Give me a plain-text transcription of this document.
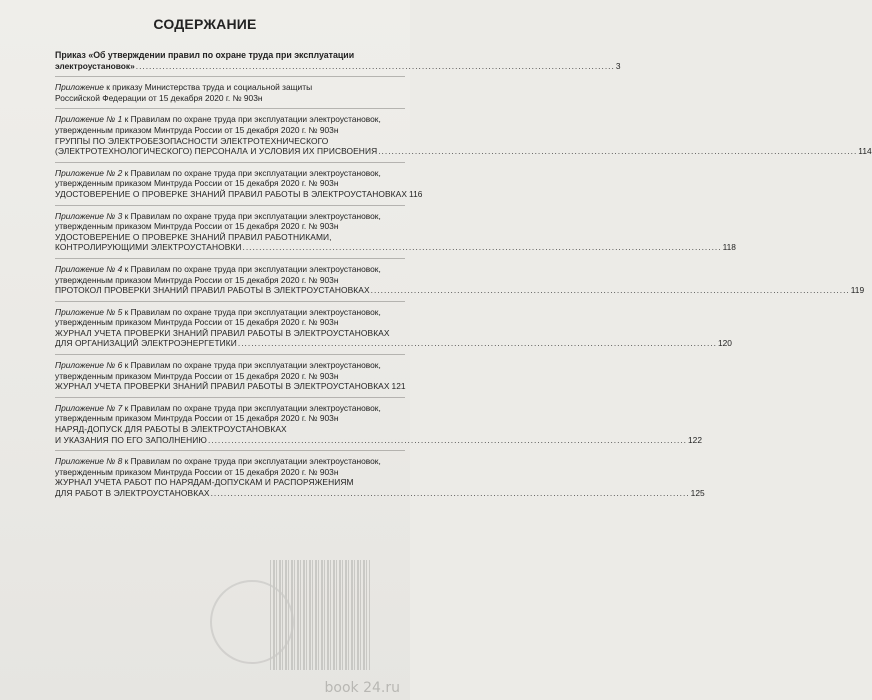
СОДЕРЖАНИЕ
Приказ «Об утверждении правил по охране труда при эксплуатации
электроустановок» .....	3
Приложение к приказу Министерства труда и социальной защиты
Российской Федерации от 15 декабря 2020 г. № 903н
Приложение № 1 к Правилам по охране труда при эксплуатации электроустановок,
утвержденным приказом Минтруда России от 15 декабря 2020 г. № 903н
ГРУППЫ ПО ЭЛЕКТРОБЕЗОПАСНОСТИ ЭЛЕКТРОТЕХНИЧЕСКОГО
(ЭЛЕКТРОТЕХНОЛОГИЧЕСКОГО) ПЕРСОНАЛА И УСЛОВИЯ ИХ ПРИСВОЕНИЯ .....	114
Приложение № 2 к Правилам по охране труда при эксплуатации электроустановок,
утвержденным приказом Минтруда России от 15 декабря 2020 г. № 903н
УДОСТОВЕРЕНИЕ О ПРОВЕРКЕ ЗНАНИЙ ПРАВИЛ РАБОТЫ В ЭЛЕКТРОУСТАНОВКАХ 116
Приложение № 3 к Правилам по охране труда при эксплуатации электроустановок,
утвержденным приказом Минтруда России от 15 декабря 2020 г. № 903н
УДОСТОВЕРЕНИЕ О ПРОВЕРКЕ ЗНАНИЙ ПРАВИЛ РАБОТНИКАМИ,
КОНТРОЛИРУЮЩИМИ ЭЛЕКТРОУСТАНОВКИ .....	118
Приложение № 4 к Правилам по охране труда при эксплуатации электроустановок,
утвержденным приказом Минтруда России от 15 декабря 2020 г. № 903н
ПРОТОКОЛ ПРОВЕРКИ ЗНАНИЙ ПРАВИЛ РАБОТЫ В ЭЛЕКТРОУСТАНОВКАХ .....	119
Приложение № 5 к Правилам по охране труда при эксплуатации электроустановок,
утвержденным приказом Минтруда России от 15 декабря 2020 г. № 903н
ЖУРНАЛ УЧЕТА ПРОВЕРКИ ЗНАНИЙ ПРАВИЛ РАБОТЫ В ЭЛЕКТРОУСТАНОВКАХ
ДЛЯ ОРГАНИЗАЦИЙ ЭЛЕКТРОЭНЕРГЕТИКИ .....	120
Приложение № 6 к Правилам по охране труда при эксплуатации электроустановок,
утвержденным приказом Минтруда России от 15 декабря 2020 г. № 903н
ЖУРНАЛ УЧЕТА ПРОВЕРКИ ЗНАНИЙ ПРАВИЛ РАБОТЫ В ЭЛЕКТРОУСТАНОВКАХ 121
Приложение № 7 к Правилам по охране труда при эксплуатации электроустановок,
утвержденным приказом Минтруда России от 15 декабря 2020 г. № 903н
НАРЯД-ДОПУСК ДЛЯ РАБОТЫ В ЭЛЕКТРОУСТАНОВКАХ
И УКАЗАНИЯ ПО ЕГО ЗАПОЛНЕНИЮ .....	122
Приложение № 8 к Правилам по охране труда при эксплуатации электроустановок,
утвержденным приказом Минтруда России от 15 декабря 2020 г. № 903н
ЖУРНАЛ УЧЕТА РАБОТ ПО НАРЯДАМ-ДОПУСКАМ И РАСПОРЯЖЕНИЯМ
ДЛЯ РАБОТ В ЭЛЕКТРОУСТАНОВКАХ .....	125
book 24.ru
